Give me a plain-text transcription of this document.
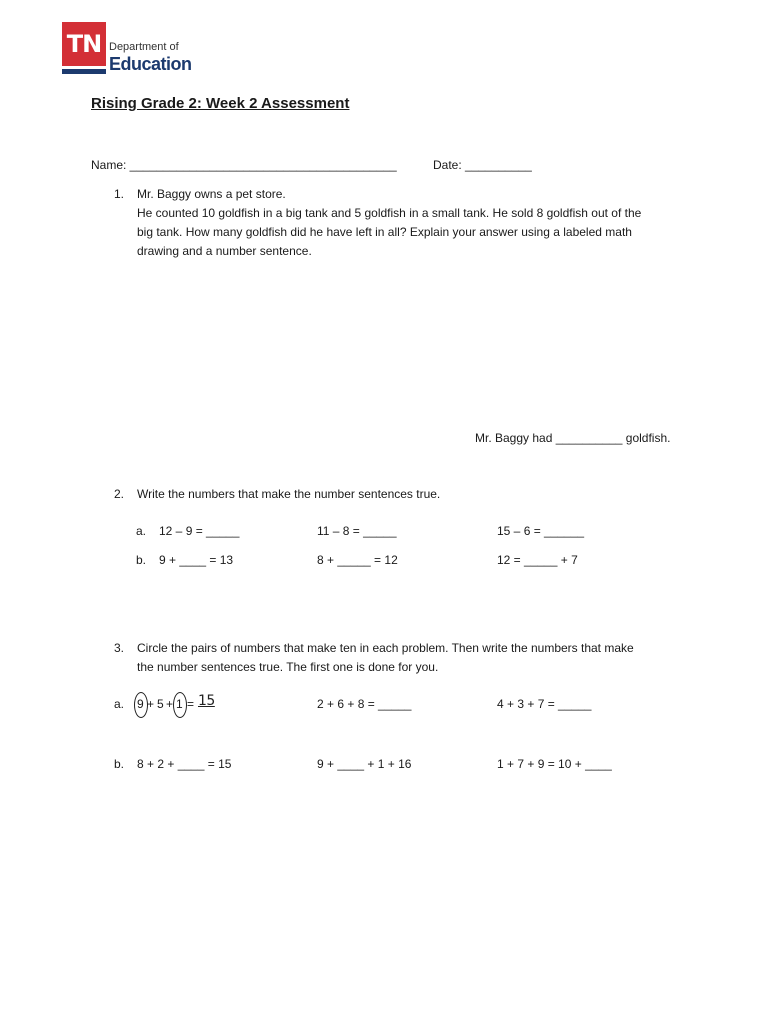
TN Department of
Education
Rising Grade 2: Week 2 Assessment
Name: ________________________________________	Date: __________
1. Mr. Baggy owns a pet store.
He counted 10 goldfish in a big tank and 5 goldfish in a small tank. He sold 8 goldfish out of the
big tank. How many goldfish did he have left in all? Explain your answer using a labeled math
drawing and a number sentence.
Mr. Baggy had __________ goldfish.
2. Write the numbers that make the number sentences true.
a. 12 – 9 = _____	11 – 8 = _____	15 – 6 = ______
b. 9 + ____ = 13	8 + _____ = 12	12 = _____ + 7
3. Circle the pairs of numbers that make ten in each problem. Then write the numbers that make
the number sentences true. The first one is done for you.
a. 9 + 5 + 1 = 15	2 + 6 + 8 = _____	4 + 3 + 7 = _____
b. 8 + 2 + ____ = 15	9 + ____ + 1 + 16	1 + 7 + 9 = 10 + ____
